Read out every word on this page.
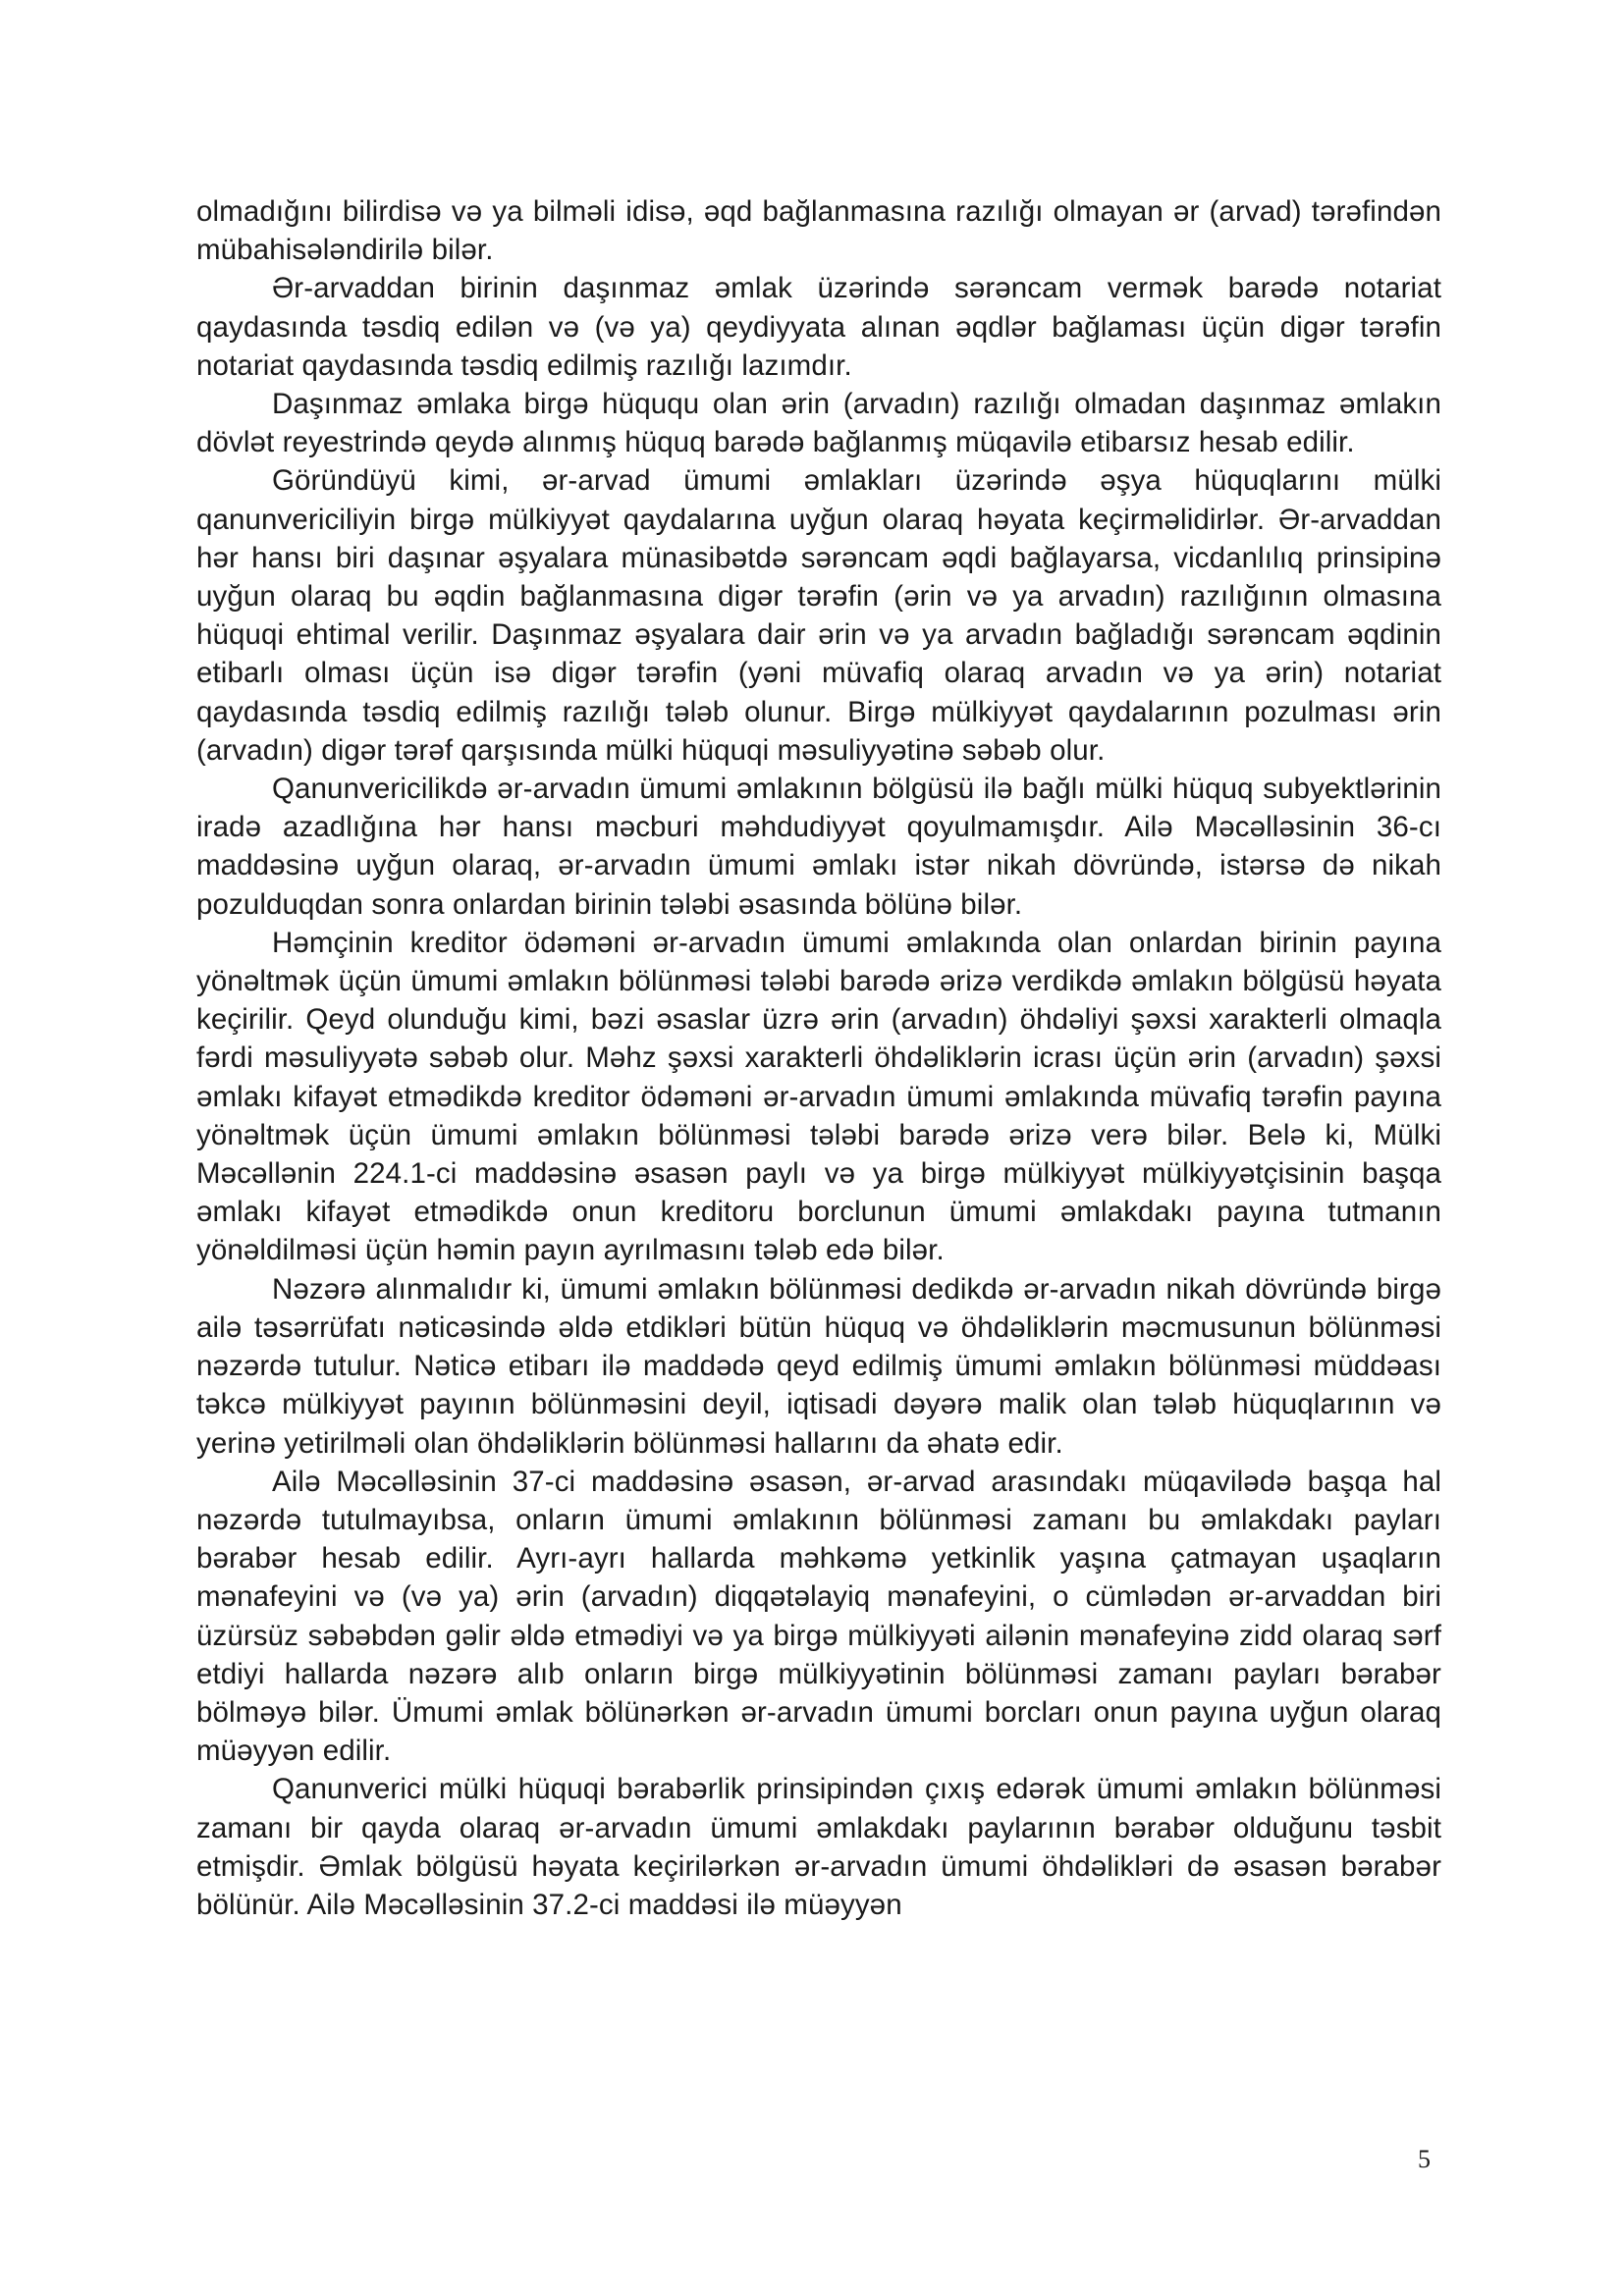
olmadığını bilirdisə və ya bilməli idisə, əqd bağlanmasına razılığı olmayan ər (arvad) tərəfindən mübahisələndirilə bilər.

Ər-arvaddan birinin daşınmaz əmlak üzərində sərəncam vermək barədə notariat qaydasında təsdiq edilən və (və ya) qeydiyyata alınan əqdlər bağlaması üçün digər tərəfin notariat qaydasında təsdiq edilmiş razılığı lazımdır.

Daşınmaz əmlaka birgə hüququ olan ərin (arvadın) razılığı olmadan daşınmaz əmlakın dövlət reyestrində qeydə alınmış hüquq barədə bağlanmış müqavilə etibarsız hesab edilir.

Göründüyü kimi, ər-arvad ümumi əmlakları üzərində əşya hüquqlarını mülki qanunvericiliyin birgə mülkiyyət qaydalarına uyğun olaraq həyata keçirməlidirlər. Ər-arvaddan hər hansı biri daşınar əşyalara münasibətdə sərəncam əqdi bağlayarsa, vicdanlılıq prinsipinə uyğun olaraq bu əqdin bağlanmasına digər tərəfin (ərin və ya arvadın) razılığının olmasına hüquqi ehtimal verilir. Daşınmaz əşyalara dair ərin və ya arvadın bağladığı sərəncam əqdinin etibarlı olması üçün isə digər tərəfin (yəni müvafiq olaraq arvadın və ya ərin) notariat qaydasında təsdiq edilmiş razılığı tələb olunur. Birgə mülkiyyət qaydalarının pozulması ərin (arvadın) digər tərəf qarşısında mülki hüquqi məsuliyyətinə səbəb olur.

Qanunvericilikdə ər-arvadın ümumi əmlakının bölgüsü ilə bağlı mülki hüquq subyektlərinin iradə azadlığına hər hansı məcburi məhdudiyyət qoyulmamışdır. Ailə Məcəlləsinin 36-cı maddəsinə uyğun olaraq, ər-arvadın ümumi əmlakı istər nikah dövründə, istərsə də nikah pozulduqdan sonra onlardan birinin tələbi əsasında bölünə bilər.

Həmçinin kreditor ödəməni ər-arvadın ümumi əmlakında olan onlardan birinin payına yönəltmək üçün ümumi əmlakın bölünməsi tələbi barədə ərizə verdikdə əmlakın bölgüsü həyata keçirilir. Qeyd olunduğu kimi, bəzi əsaslar üzrə ərin (arvadın) öhdəliyi şəxsi xarakterli olmaqla fərdi məsuliyyətə səbəb olur. Məhz şəxsi xarakterli öhdəliklərin icrası üçün ərin (arvadın) şəxsi əmlakı kifayət etmədikdə kreditor ödəməni ər-arvadın ümumi əmlakında müvafiq tərəfin payına yönəltmək üçün ümumi əmlakın bölünməsi tələbi barədə ərizə verə bilər. Belə ki, Mülki Məcəllənin 224.1-ci maddəsinə əsasən paylı və ya birgə mülkiyyət mülkiyyətçisinin başqa əmlakı kifayət etmədikdə onun kreditoru borclunun ümumi əmlakdakı payına tutmanın yönəldilməsi üçün həmin payın ayrılmasını tələb edə bilər.

Nəzərə alınmalıdır ki, ümumi əmlakın bölünməsi dedikdə ər-arvadın nikah dövründə birgə ailə təsərrüfatı nəticəsində əldə etdikləri bütün hüquq və öhdəliklərin məcmusunun bölünməsi nəzərdə tutulur. Nəticə etibarı ilə maddədə qeyd edilmiş ümumi əmlakın bölünməsi müddəası təkcə mülkiyyət payının bölünməsini deyil, iqtisadi dəyərə malik olan tələb hüquqlarının və yerinə yetirilməli olan öhdəliklərin bölünməsi hallarını da əhatə edir.

Ailə Məcəlləsinin 37-ci maddəsinə əsasən, ər-arvad arasındakı müqavilədə başqa hal nəzərdə tutulmayıbsa, onların ümumi əmlakının bölünməsi zamanı bu əmlakdakı payları bərabər hesab edilir. Ayrı-ayrı hallarda məhkəmə yetkinlik yaşına çatmayan uşaqların mənafeyini və (və ya) ərin (arvadın) diqqətəlayiq mənafeyini, o cümlədən ər-arvaddan biri üzürsüz səbəbdən gəlir əldə etmədiyi və ya birgə mülkiyyəti ailənin mənafeyinə zidd olaraq sərf etdiyi hallarda nəzərə alıb onların birgə mülkiyyətinin bölünməsi zamanı payları bərabər bölməyə bilər. Ümumi əmlak bölünərkən ər-arvadın ümumi borcları onun payına uyğun olaraq müəyyən edilir.

Qanunverici mülki hüquqi bərabərlik prinsipindən çıxış edərək ümumi əmlakın bölünməsi zamanı bir qayda olaraq ər-arvadın ümumi əmlakdakı paylarının bərabər olduğunu təsbit etmişdir. Əmlak bölgüsü həyata keçirilərkən ər-arvadın ümumi öhdəlikləri də əsasən bərabər bölünür. Ailə Məcəlləsinin 37.2-ci maddəsi ilə müəyyən

5
